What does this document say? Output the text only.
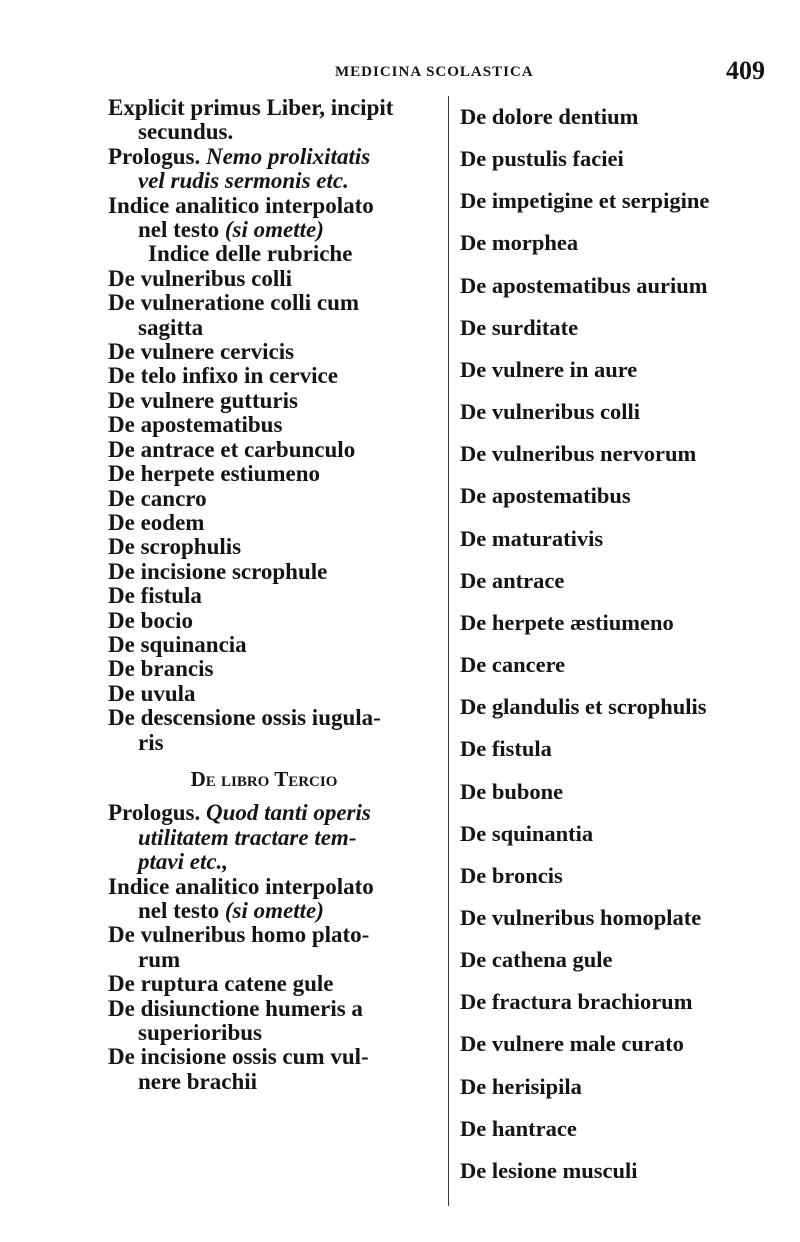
MEDICINA SCOLASTICA	409
Explicit primus Liber, incipit
secundus.
Prologus. Nemo prolixitatis
vel rudis sermonis etc.
Indice analitico interpolato
nel testo (si omette)
Indice delle rubriche
De vulneribus colli
De vulneratione colli cum
sagitta
De vulnere cervicis
De telo infixo in cervice
De vulnere gutturis
De apostematibus
De antrace et carbunculo
De herpete estiumeno
De cancro
De eodem
De scrophulis
De incisione scrophule
De fistula
De bocio
De squinancia
De brancis
De uvula
De descensione ossis iugula-
ris
De libro Tercio
Prologus. Quod tanti operis
utilitatem tractare tem-
ptavi etc.,
Indice analitico interpolato
nel testo (si omette)
De vulneribus homo plato-
rum
De ruptura catene gule
De disiunctione humeris a
superioribus
De incisione ossis cum vul-
nere brachii
De dolore dentium
De pustulis faciei
De impetigine et serpigine
De morphea
De apostematibus aurium
De surditate
De vulnere in aure
De vulneribus colli
De vulneribus nervorum
De apostematibus
De maturativis
De antrace
De herpete æstiumeno
De cancere
De glandulis et scrophulis
De fistula
De bubone
De squinantia
De broncis
De vulneribus homoplate
De cathena gule
De fractura brachiorum
De vulnere male curato
De herisipila
De hantrace
De lesione musculi
